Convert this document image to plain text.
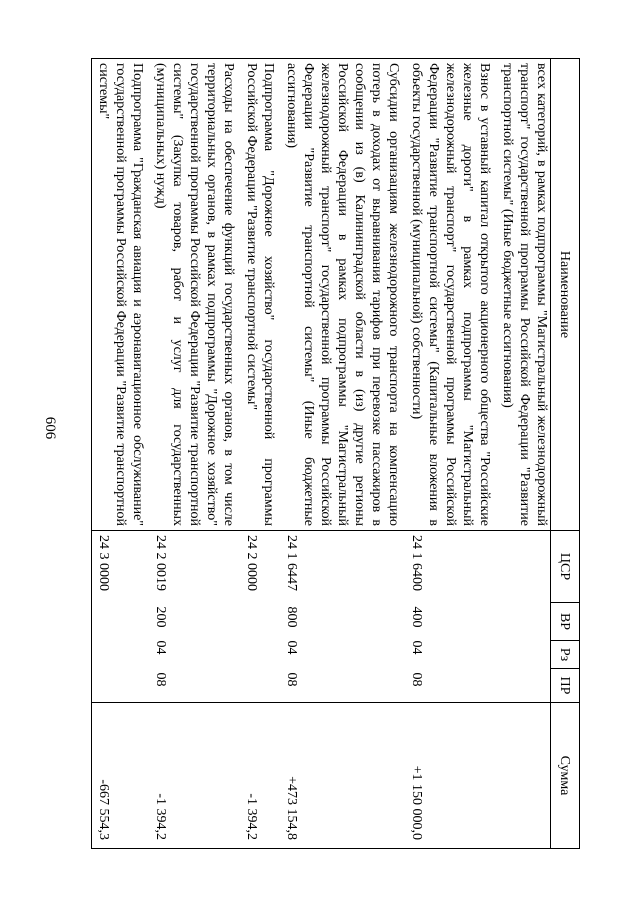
606
Наименование	ЦСР	ВР	Рз	ПР	Сумма
всех категорий, в рамках подпрограммы "Магистральный железнодорожный транспорт" государственной программы Российской Федерации "Развитие транспортной системы" (Иные бюджетные ассигнования)					
Взнос в уставный капитал открытого акционерного общества "Российские железные дороги" в рамках подпрограммы "Магистральный железнодорожный транспорт" государственной программы Российской Федерации "Развитие транспортной системы" (Капитальные вложения в объекты государственной (муниципальной) собственности)	24 1 6400	400	04	08	+1 150 000,0
Субсидии организациям железнодорожного транспорта на компенсацию потерь в доходах от выравнивания тарифов при перевозке пассажиров в сообщении из (в) Калининградской области в (из) другие регионы Российской Федерации в рамках подпрограммы "Магистральный железнодорожный транспорт" государственной программы Российской Федерации "Развитие транспортной системы" (Иные бюджетные ассигнования)	24 1 6447	800	04	08	+473 154,8
Подпрограмма "Дорожное хозяйство" государственной программы Российской Федерации "Развитие транспортной системы"	24 2 0000				-1 394,2
Расходы на обеспечение функций государственных органов, в том числе территориальных органов, в рамках подпрограммы "Дорожное хозяйство" государственной программы Российской Федерации "Развитие транспортной системы" (Закупка товаров, работ и услуг для государственных (муниципальных) нужд)	24 2 0019	200	04	08	-1 394,2
Подпрограмма "Гражданская авиация и аэронавигационное обслуживание" государственной программы Российской Федерации "Развитие транспортной системы"	24 3 0000				-667 554,3
